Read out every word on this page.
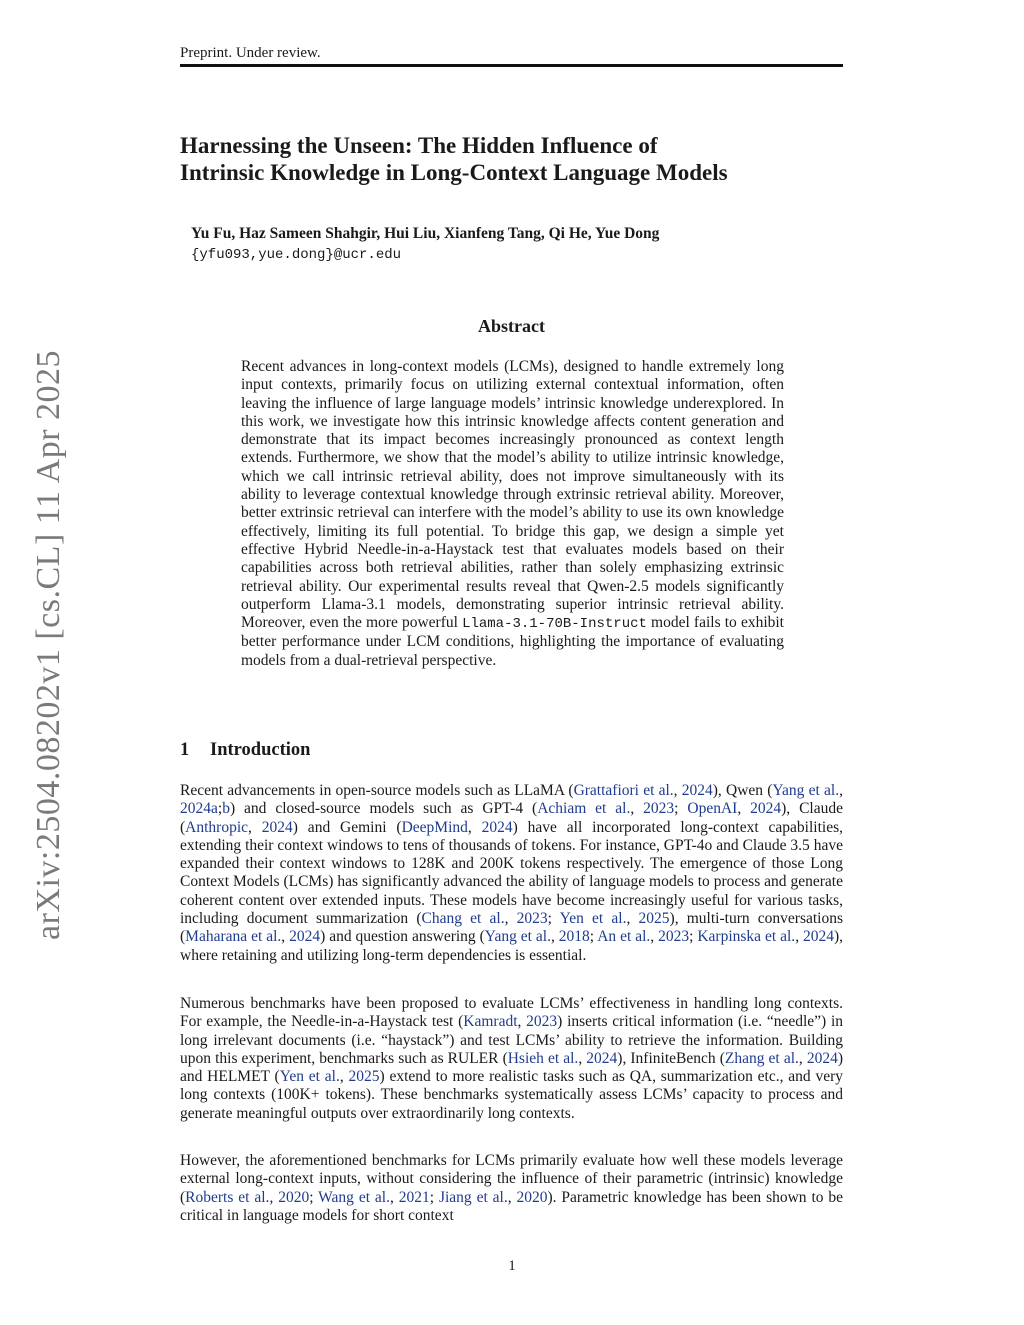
Preprint. Under review.
arXiv:2504.08202v1 [cs.CL] 11 Apr 2025
Harnessing the Unseen: The Hidden Influence of
Intrinsic Knowledge in Long-Context Language Models
Yu Fu, Haz Sameen Shahgir, Hui Liu, Xianfeng Tang, Qi He, Yue Dong
{yfu093,yue.dong}@ucr.edu
Abstract

Recent advances in long-context models (LCMs), designed to handle extremely long input contexts, primarily focus on utilizing external contextual information, often leaving the influence of large language models’ intrinsic knowledge underexplored. In this work, we investigate how this intrinsic knowledge affects content generation and demonstrate that its impact becomes increasingly pronounced as context length extends. Furthermore, we show that the model’s ability to utilize intrinsic knowledge, which we call intrinsic retrieval ability, does not improve simultaneously with its ability to leverage contextual knowledge through extrinsic retrieval ability. Moreover, better extrinsic retrieval can interfere with the model’s ability to use its own knowledge effectively, limiting its full potential. To bridge this gap, we design a simple yet effective Hybrid Needle-in-a-Haystack test that evaluates models based on their capabilities across both retrieval abilities, rather than solely emphasizing extrinsic retrieval ability. Our experimental results reveal that Qwen-2.5 models significantly outperform Llama-3.1 models, demonstrating superior intrinsic retrieval ability. Moreover, even the more powerful Llama-3.1-70B-Instruct model fails to exhibit better performance under LCM conditions, highlighting the importance of evaluating models from a dual-retrieval perspective.

1 Introduction

Recent advancements in open-source models such as LLaMA (Grattafiori et al., 2024), Qwen (Yang et al., 2024a;b) and closed-source models such as GPT-4 (Achiam et al., 2023; OpenAI, 2024), Claude (Anthropic, 2024) and Gemini (DeepMind, 2024) have all incorporated long-context capabilities, extending their context windows to tens of thousands of tokens. For instance, GPT-4o and Claude 3.5 have expanded their context windows to 128K and 200K tokens respectively. The emergence of those Long Context Models (LCMs) has significantly advanced the ability of language models to process and generate coherent content over extended inputs. These models have become increasingly useful for various tasks, including document summarization (Chang et al., 2023; Yen et al., 2025), multi-turn conversations (Maharana et al., 2024) and question answering (Yang et al., 2018; An et al., 2023; Karpinska et al., 2024), where retaining and utilizing long-term dependencies is essential.

Numerous benchmarks have been proposed to evaluate LCMs’ effectiveness in handling long contexts. For example, the Needle-in-a-Haystack test (Kamradt, 2023) inserts critical information (i.e. “needle”) in long irrelevant documents (i.e. “haystack”) and test LCMs’ ability to retrieve the information. Building upon this experiment, benchmarks such as RULER (Hsieh et al., 2024), InfiniteBench (Zhang et al., 2024) and HELMET (Yen et al., 2025) extend to more realistic tasks such as QA, summarization etc., and very long contexts (100K+ tokens). These benchmarks systematically assess LCMs’ capacity to process and generate meaningful outputs over extraordinarily long contexts.

However, the aforementioned benchmarks for LCMs primarily evaluate how well these models leverage external long-context inputs, without considering the influence of their parametric (intrinsic) knowledge (Roberts et al., 2020; Wang et al., 2021; Jiang et al., 2020). Parametric knowledge has been shown to be critical in language models for short context

1
